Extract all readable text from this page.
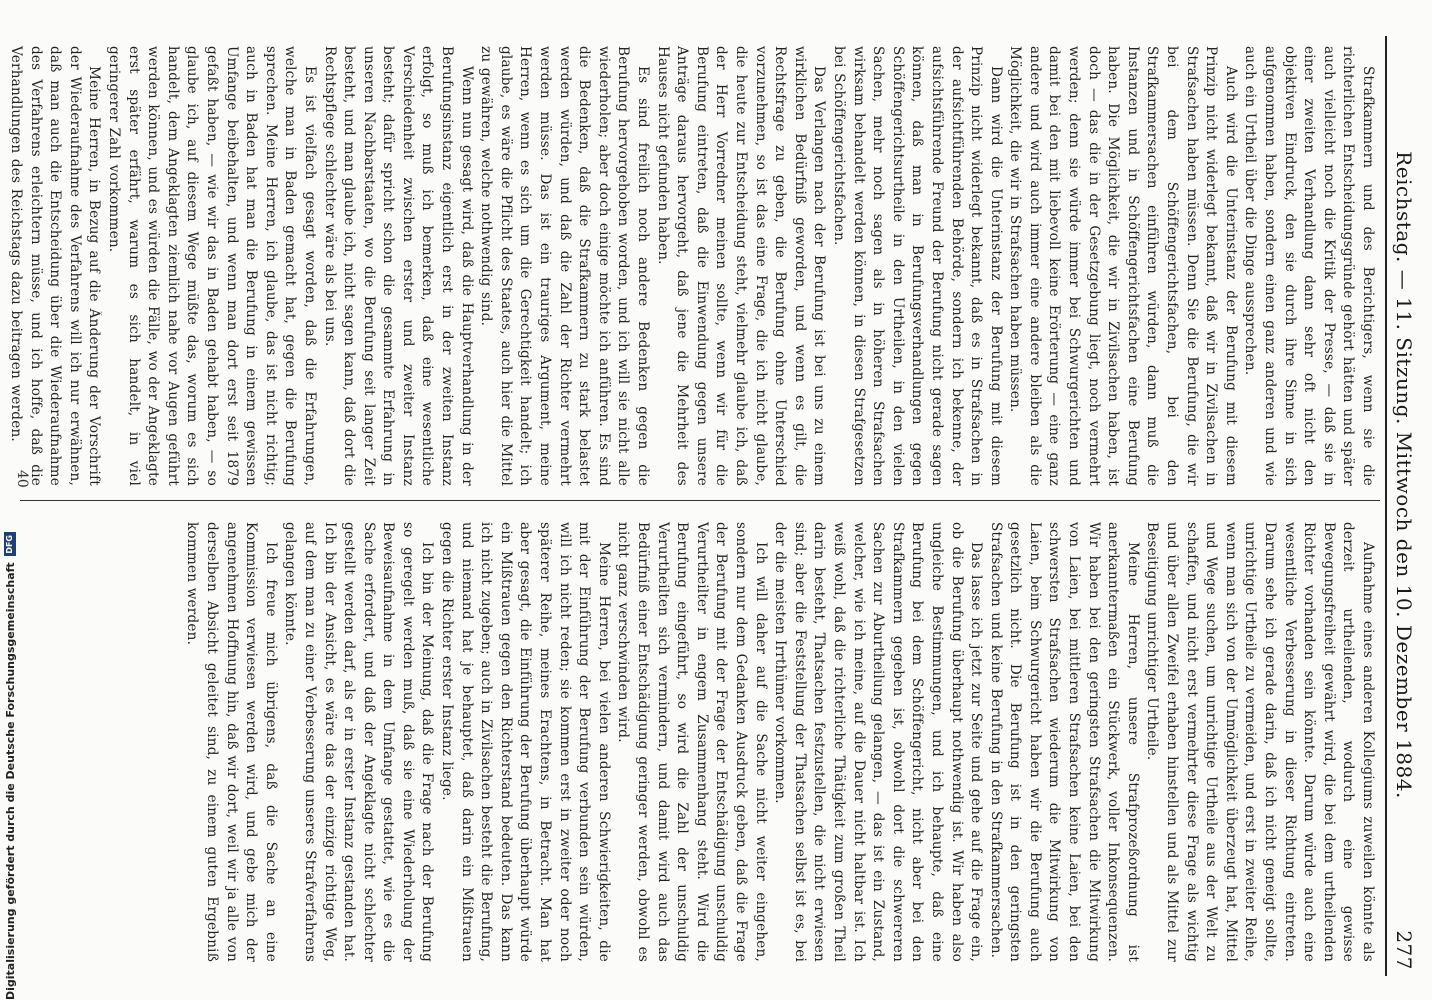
Reichstag. — 11. Sitzung. Mittwoch den 10. Dezember 1884.
277

Strafkammern und des Berichtigers, wenn sie die richterlichen Entscheidungsgründe gehört hätten und später auch vielleicht noch die Kritik der Presse, — daß sie in einer zweiten Verhandlung dann sehr oft nicht den objektiven Eindruck, den sie durch ihre Sinne in sich aufgenommen haben, sondern einen ganz anderen und wie auch ein Urtheil über die Dinge aussprechen.

Auch wird die Unterinstanz der Berufung mit diesem Prinzip nicht widerlegt bekannt, daß wir in Zivilsachen in Strafsachen haben müssen. Denn Sie die Berufung, die wir bei dem Schöffengerichtsfachen, bei den Strafkammersachen einführen würden, dann muß die Instanzen und in Schöffengerichtsfachen eine Berufung haben. Die Möglichkeit, die wir in Zivilsachen haben, ist doch — das die in der Gesetzgebung liegt, noch vermehrt werden; denn sie würde immer bei Schwurgerichten und damit bei den mit liebevoll keine Erörterung — eine ganz andere und wird auch immer eine andere bleiben als die Möglichkeit, die wir in Strafsachen haben müssen.

Dann wird die Unterinstanz der Berufung mit diesem Prinzip nicht widerlegt bekannt, daß es in Strafsachen in der aufsichtführenden Behörde, sondern ich bekenne, der aufsichtsführende Freund der Berufung nicht gerade sagen können, daß man in Berufungsverhandlungen gegen Schöffengerichtsurtheile in den Urtheilen, in den vielen Sachen, mehr noch sagen als in höheren Strafsachen wirksam behandelt werden können, in diesen Strafgesetzen bei Schöffengerichtsfachen.

Das Verlangen nach der Berufung ist bei uns zu einem wirklichen Bedürfniß geworden, und wenn es gilt, die Rechtsfrage zu geben, die Berufung ohne Unterschied vorzunehmen, so ist das eine Frage, die ich nicht glaube, die heute zur Entscheidung steht, vielmehr glaube ich, daß der Herr Vorredner meinen sollte, wenn wir für die Berufung eintreten, daß die Einwendung gegen unsere Anträge daraus hervorgeht, daß jene die Mehrheit des Hauses nicht gefunden haben.

Es sind freilich noch andere Bedenken gegen die Berufung hervorgehoben worden, und ich will sie nicht alle wiederholen; aber doch einige möchte ich anführen. Es sind die Bedenken, daß die Strafkammern zu stark belastet werden würden, und daß die Zahl der Richter vermehrt werden müsse. Das ist ein trauriges Argument, meine Herren, wenn es sich um die Gerechtigkeit handelt; ich glaube, es wäre die Pflicht des Staates, auch hier die Mittel zu gewähren, welche nothwendig sind.

Wenn nun gesagt wird, daß die Hauptverhandlung in der Berufungsinstanz eigentlich erst in der zweiten Instanz erfolgt, so muß ich bemerken, daß eine wesentliche Verschiedenheit zwischen erster und zweiter Instanz besteht; dafür spricht schon die gesammte Erfahrung in unseren Nachbarstaaten, wo die Berufung seit langer Zeit besteht, und man glaube ich, nicht sagen kann, daß dort die Rechtspflege schlechter wäre als bei uns.

Es ist vielfach gesagt worden, daß die Erfahrungen, welche man in Baden gemacht hat, gegen die Berufung sprechen. Meine Herren, ich glaube, das ist nicht richtig; auch in Baden hat man die Berufung in einem gewissen Umfange beibehalten, und wenn man dort erst seit 1879 gefaßt haben, — wie wir das in Baden gehabt haben, — so glaube ich, auf diesem Wege müßte das, worum es sich handelt, dem Angeklagten ziemlich nahe vor Augen geführt werden können, und es würden die Fälle, wo der Angeklagte erst später erfährt, warum es sich handelt, in viel geringerer Zahl vorkommen.

Meine Herren, in Bezug auf die Änderung der Vorschrift der Wiederaufnahme des Verfahrens will ich nur erwähnen, daß man auch die Entscheidung über die Wiederaufnahme des Verfahrens erleichtern müsse, und ich hoffe, daß die Verhandlungen des Reichstags dazu beitragen werden.

Aufnahme eines anderen Kollegiums zuweilen könnte als derzeit urtheilenden, wodurch eine gewisse Bewegungsfreiheit gewährt wird, die bei dem urtheilenden Richter vorhanden sein könnte. Darum würde auch eine wesentliche Verbesserung in dieser Richtung eintreten. Darum sehe ich gerade darin, daß ich nicht geneigt sollte, unrichtige Urtheile zu vermeiden, und erst in zweiter Reihe, wenn man sich von der Unmöglichkeit überzeugt hat, Mittel und Wege suchen, um unrichtige Urtheile aus der Welt zu schaffen, und nicht erst vermehrter diese Frage als wichtig und über allen Zweifel erhaben hinstellen und als Mittel zur Beseitigung unrichtiger Urtheile.

Meine Herren, unsere Strafprozeßordnung ist anerkanntermaßen ein Stückwerk, voller Inkonsequenzen. Wir haben bei den geringsten Strafsachen die Mitwirkung von Laien, bei mittleren Strafsachen keine Laien, bei den schwersten Strafsachen wiederum die Mitwirkung von Laien, beim Schwurgericht haben wir die Berufung auch gesetzlich nicht. Die Berufung ist in den geringsten Strafsachen und keine Berufung in den Strafkammersachen.

Das lasse ich jetzt zur Seite und gehe auf die Frage ein, ob die Berufung überhaupt nothwendig ist. Wir haben also ungleiche Bestimmungen, und ich behaupte, daß eine Berufung bei dem Schöffengericht, nicht aber bei den Strafkammern gegeben ist, obwohl dort die schwereren Sachen zur Aburtheilung gelangen, — das ist ein Zustand, welcher, wie ich meine, auf die Dauer nicht haltbar ist. Ich weiß wohl, daß die richterliche Thätigkeit zum großen Theil darin besteht, Thatsachen festzustellen, die nicht erwiesen sind; aber die Feststellung der Thatsachen selbst ist es, bei der die meisten Irrthümer vorkommen.

Ich will daher auf die Sache nicht weiter eingehen, sondern nur dem Gedanken Ausdruck geben, daß die Frage der Berufung mit der Frage der Entschädigung unschuldig Verurtheilter in engem Zusammenhang steht. Wird die Berufung eingeführt, so wird die Zahl der unschuldig Verurtheilten sich vermindern, und damit wird auch das Bedürfniß einer Entschädigung geringer werden, obwohl es nicht ganz verschwinden wird.

Meine Herren, bei vielen anderen Schwierigkeiten, die mit der Einführung der Berufung verbunden sein würden, will ich nicht reden; sie kommen erst in zweiter oder noch späterer Reihe, meines Erachtens, in Betracht. Man hat aber gesagt, die Einführung der Berufung überhaupt würde ein Mißtrauen gegen den Richterstand bedeuten. Das kann ich nicht zugeben; auch in Zivilsachen besteht die Berufung, und niemand hat je behauptet, daß darin ein Mißtrauen gegen die Richter erster Instanz liege.

Ich bin der Meinung, daß die Frage nach der Berufung so geregelt werden muß, daß sie eine Wiederholung der Beweisaufnahme in dem Umfange gestattet, wie es die Sache erfordert, und daß der Angeklagte nicht schlechter gestellt werden darf, als er in erster Instanz gestanden hat. Ich bin der Ansicht, es wäre das der einzige richtige Weg, auf dem man zu einer Verbesserung unseres Strafverfahrens gelangen könnte.

Ich freue mich übrigens, daß die Sache an eine Kommission verwiesen werden wird, und gebe mich der angenehmen Hoffnung hin, daß wir dort, weil wir ja alle von derselben Absicht geleitet sind, zu einem guten Ergebniß kommen werden.

40
Digitalisierung gefördert durch die Deutsche Forschungsgemeinschaft
DFG
